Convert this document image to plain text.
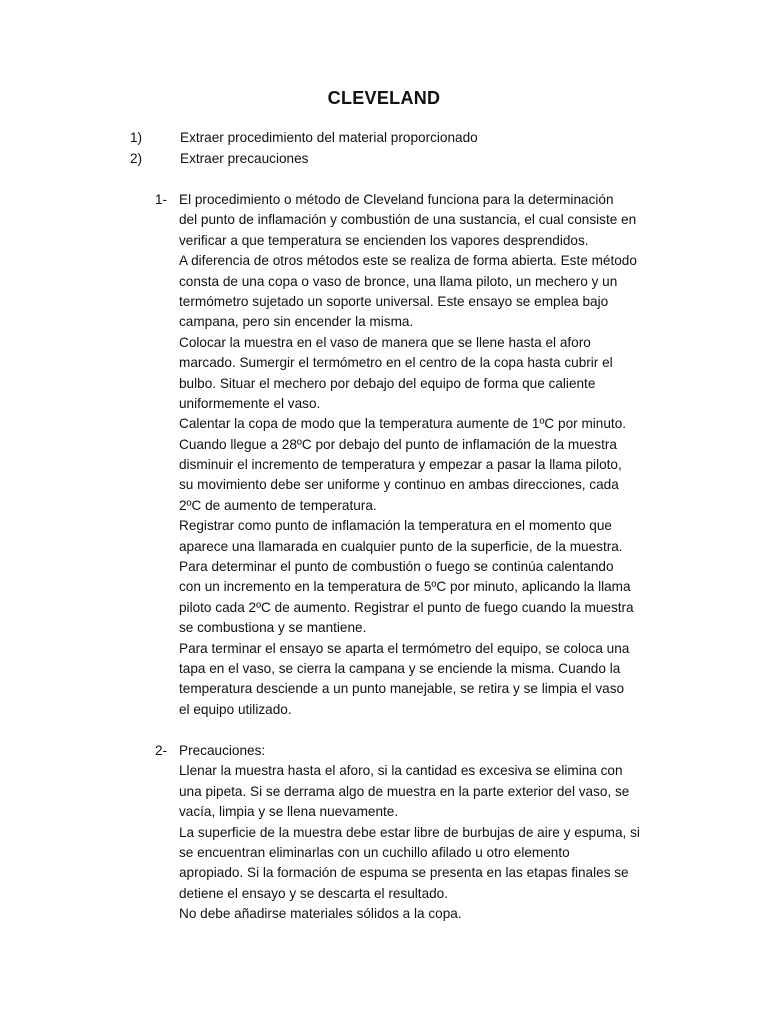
CLEVELAND
1)	Extraer procedimiento del material proporcionado
2)	Extraer precauciones
1- El procedimiento o método de Cleveland funciona para la determinación
del punto de inflamación y combustión de una sustancia, el cual consiste en
verificar a que temperatura se encienden los vapores desprendidos.
A diferencia de otros métodos este se realiza de forma abierta. Este método
consta de una copa o vaso de bronce, una llama piloto, un mechero y un
termómetro sujetado un soporte universal. Este ensayo se emplea bajo
campana, pero sin encender la misma.
Colocar la muestra en el vaso de manera que se llene hasta el aforo
marcado. Sumergir el termómetro en el centro de la copa hasta cubrir el
bulbo. Situar el mechero por debajo del equipo de forma que caliente
uniformemente el vaso.
Calentar la copa de modo que la temperatura aumente de 1ºC por minuto.
Cuando llegue a 28ºC por debajo del punto de inflamación de la muestra
disminuir el incremento de temperatura y empezar a pasar la llama piloto,
su movimiento debe ser uniforme y continuo en ambas direcciones, cada
2ºC de aumento de temperatura.
Registrar como punto de inflamación la temperatura en el momento que
aparece una llamarada en cualquier punto de la superficie, de la muestra.
Para determinar el punto de combustión o fuego se continúa calentando
con un incremento en la temperatura de 5ºC por minuto, aplicando la llama
piloto cada 2ºC de aumento. Registrar el punto de fuego cuando la muestra
se combustiona y se mantiene.
Para terminar el ensayo se aparta el termómetro del equipo, se coloca una
tapa en el vaso, se cierra la campana y se enciende la misma. Cuando la
temperatura desciende a un punto manejable, se retira y se limpia el vaso
el equipo utilizado.
2- Precauciones:
Llenar la muestra hasta el aforo, si la cantidad es excesiva se elimina con
una pipeta. Si se derrama algo de muestra en la parte exterior del vaso, se
vacía, limpia y se llena nuevamente.
La superficie de la muestra debe estar libre de burbujas de aire y espuma, si
se encuentran eliminarlas con un cuchillo afilado u otro elemento
apropiado. Si la formación de espuma se presenta en las etapas finales se
detiene el ensayo y se descarta el resultado.
No debe añadirse materiales sólidos a la copa.
